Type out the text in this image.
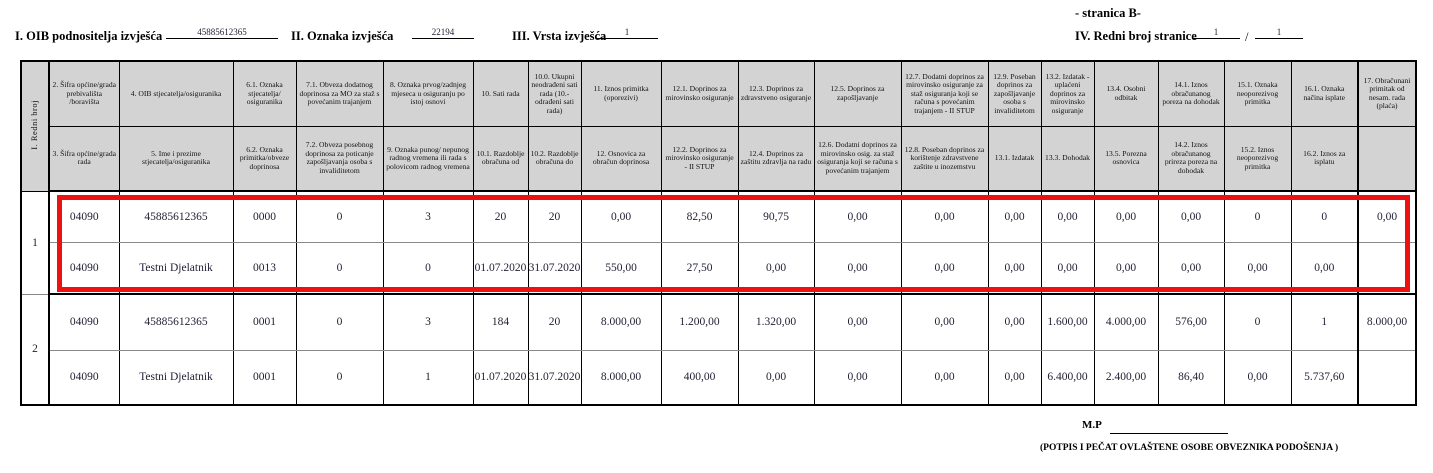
- stranica B-
IV. Redni broj stranice	1	/	1
I. OIB podnositelja izvješća	45885612365	II. Oznaka izvješća	22194	III. Vrsta izvješća	1
I. Redni broj	2. Šifra općine/grada prebivališta /boravišta	4. OIB stjecatelja/osiguranika	6.1. Oznaka stjecatelja/ osiguranika	7.1. Obveza dodatnog doprinosa za MO za staž s povećanim trajanjem	8. Oznaka prvog/zadnjeg mjeseca u osiguranju po istoj osnovi	10. Sati rada	10.0. Ukupni neodrađeni sati rada (10.- odrađeni sati rada)	11. Iznos primitka (oporezivi)	12.1. Doprinos za mirovinsko osiguranje	12.3. Doprinos za zdravstveno osiguranje	12.5. Doprinos za zapošljavanje	12.7. Dodatni doprinos za mirovinsko osiguranje za staž osiguranja koji se računa s povećanim trajanjem - II STUP	12.9. Poseban doprinos za zapošljavanje osoba s invaliditetom	13.2. Izdatak - uplaćeni doprinos za mirovinsko osiguranje	13.4. Osobni odbitak	14.1. Iznos obračunanog poreza na dohodak	15.1. Oznaka neoporezivog primitka	16.1. Oznaka načina isplate	17. Obračunani primitak od nesam. rada (plaća)
	3. Šifra općine/grada rada	5. Ime i prezime stjecatelja/osiguranika	6.2. Oznaka primitka/obveze doprinosa	7.2. Obveza posebnog doprinosa za poticanje zapošljavanja osoba s invaliditetom	9. Oznaka punog/ nepunog radnog vremena ili rada s polovicom radnog vremena	10.1. Razdoblje obračuna od	10.2. Razdoblje obračuna do	12. Osnovica za obračun doprinosa	12.2. Doprinos za mirovinsko osiguranje - II STUP	12.4. Doprinos za zaštitu zdravlja na radu	12.6. Dodatni doprinos za mirovinsko osig. za staž osiguranja koji se računa s povećanim trajanjem	12.8. Poseban doprinos za korištenje zdravstvene zaštite u inozemstvu	13.1. Izdatak	13.3. Dohodak	13.5. Porezna osnovica	14.2. Iznos obračunanog prireza poreza na dohodak	15.2. Iznos neoporezivog primitka	16.2. Iznos za isplatu	
1	04090	45885612365	0000	0	3	20	20	0,00	82,50	90,75	0,00	0,00	0,00	0,00	0,00	0,00	0	0	0,00
	04090	Testni Djelatnik	0013	0	0	01.07.2020	31.07.2020	550,00	27,50	0,00	0,00	0,00	0,00	0,00	0,00	0,00	0,00	0,00	
2	04090	45885612365	0001	0	3	184	20	8.000,00	1.200,00	1.320,00	0,00	0,00	0,00	1.600,00	4.000,00	576,00	0	1	8.000,00
	04090	Testni Djelatnik	0001	0	1	01.07.2020	31.07.2020	8.000,00	400,00	0,00	0,00	0,00	0,00	6.400,00	2.400,00	86,40	0,00	5.737,60	
M.P
(POTPIS I PEČAT OVLAŠTENE OSOBE OBVEZNIKA PODOŠENJA )
